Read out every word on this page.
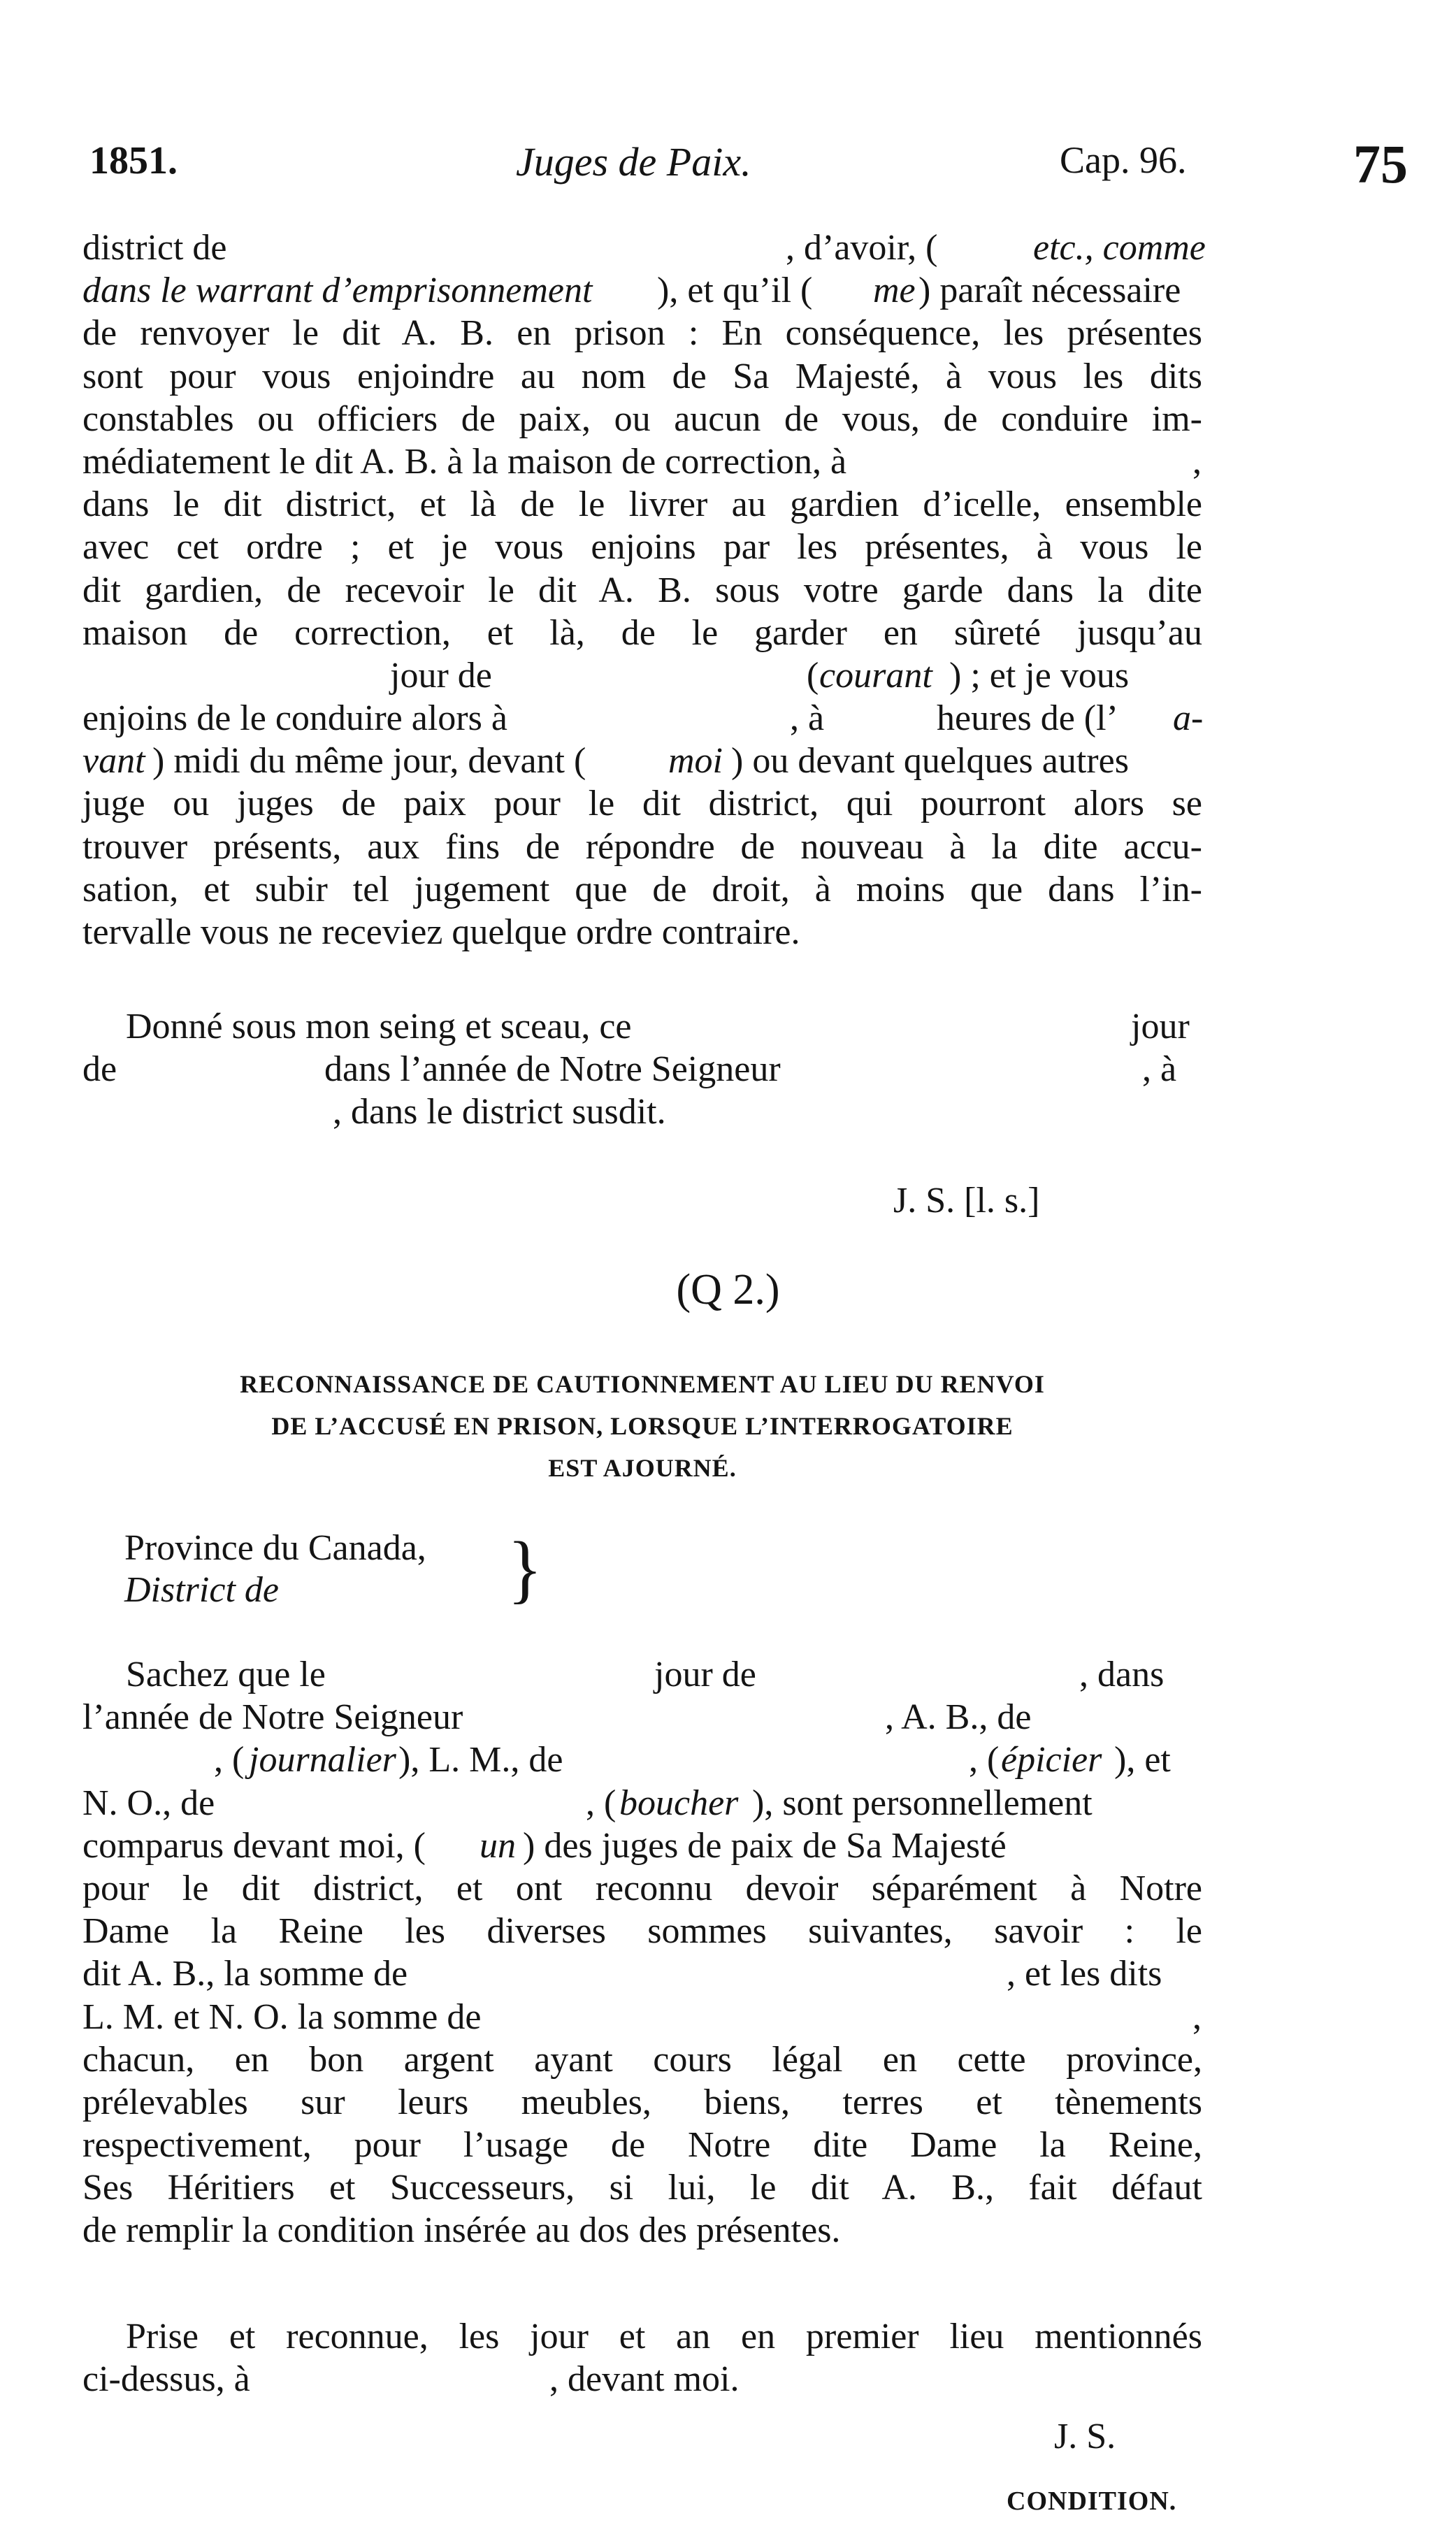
1851.	Juges de Paix.	Cap. 96.	75
district de	, d’avoir, (	etc., comme
dans le warrant d’emprisonnement ), et qu’il ( me ) paraît nécessaire
de renvoyer le dit A. B. en prison : En conséquence, les présentes
sont pour vous enjoindre au nom de Sa Majesté, à vous les dits
constables ou officiers de paix, ou aucun de vous, de conduire im-
médiatement le dit A. B. à la maison de correction, à	,
dans le dit district, et là de le livrer au gardien d’icelle, ensemble
avec cet ordre ; et je vous enjoins par les présentes, à vous le
dit gardien, de recevoir le dit A. B. sous votre garde dans la dite
maison de correction, et là, de le garder en sûreté jusqu’au
jour de	( courant ) ; et je vous
enjoins de le conduire alors à	, à	heures de (l’ a-
vant ) midi du même jour, devant ( moi ) ou devant quelques autres
juge ou juges de paix pour le dit district, qui pourront alors se
trouver présents, aux fins de répondre de nouveau à la dite accu-
sation, et subir tel jugement que de droit, à moins que dans l’in-
tervalle vous ne receviez quelque ordre contraire.
Donné sous mon seing et sceau, ce	jour
de	dans l’année de Notre Seigneur	, à
, dans le district susdit.
J. S. [l. s.]
(Q 2.)
RECONNAISSANCE DE CAUTIONNEMENT AU LIEU DU RENVOI
DE L’ACCUSÉ EN PRISON, LORSQUE L’INTERROGATOIRE
EST AJOURNÉ.
Province du Canada,
District de	}
Sachez que le	jour de	, dans
l’année de Notre Seigneur	, A. B., de
, ( journalier ), L. M., de	, ( épicier ), et
N. O., de	, ( boucher ), sont personnellement
comparus devant moi, ( un ) des juges de paix de Sa Majesté
pour le dit district, et ont reconnu devoir séparément à Notre
Dame la Reine les diverses sommes suivantes, savoir : le
dit A. B., la somme de	, et les dits
L. M. et N. O. la somme de	,
chacun, en bon argent ayant cours légal en cette province,
prélevables sur leurs meubles, biens, terres et tènements
respectivement, pour l’usage de Notre dite Dame la Reine,
Ses Héritiers et Successeurs, si lui, le dit A. B., fait défaut
de remplir la condition insérée au dos des présentes.
Prise et reconnue, les jour et an en premier lieu mentionnés
ci-dessus, à	, devant moi.
J. S.
CONDITION.
